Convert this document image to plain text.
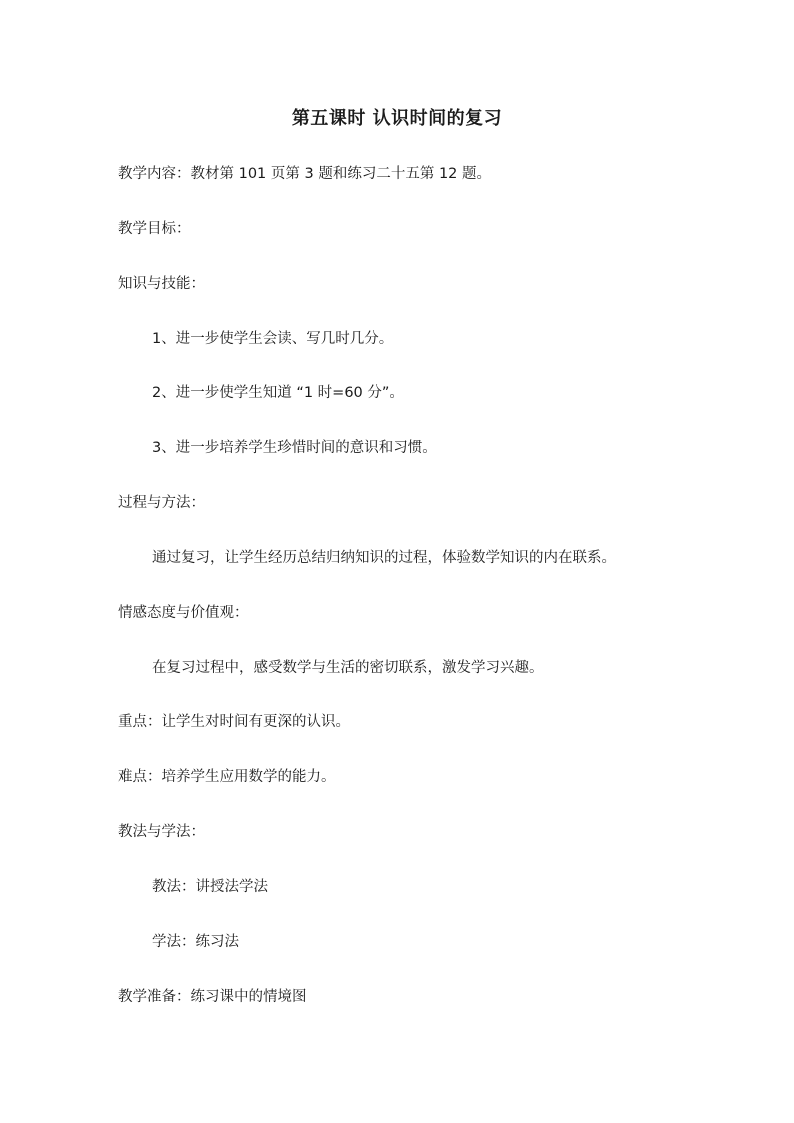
第五课时 认识时间的复习
教学内容：教材第 101 页第 3 题和练习二十五第 12 题。
教学目标：
知识与技能：
1、进一步使学生会读、写几时几分。
2、进一步使学生知道 “1 时=60 分”。
3、进一步培养学生珍惜时间的意识和习惯。
过程与方法：
通过复习，让学生经历总结归纳知识的过程，体验数学知识的内在联系。
情感态度与价值观：
在复习过程中，感受数学与生活的密切联系，激发学习兴趣。
重点：让学生对时间有更深的认识。
难点：培养学生应用数学的能力。
教法与学法：
教法：讲授法学法
学法：练习法
教学准备：练习课中的情境图
